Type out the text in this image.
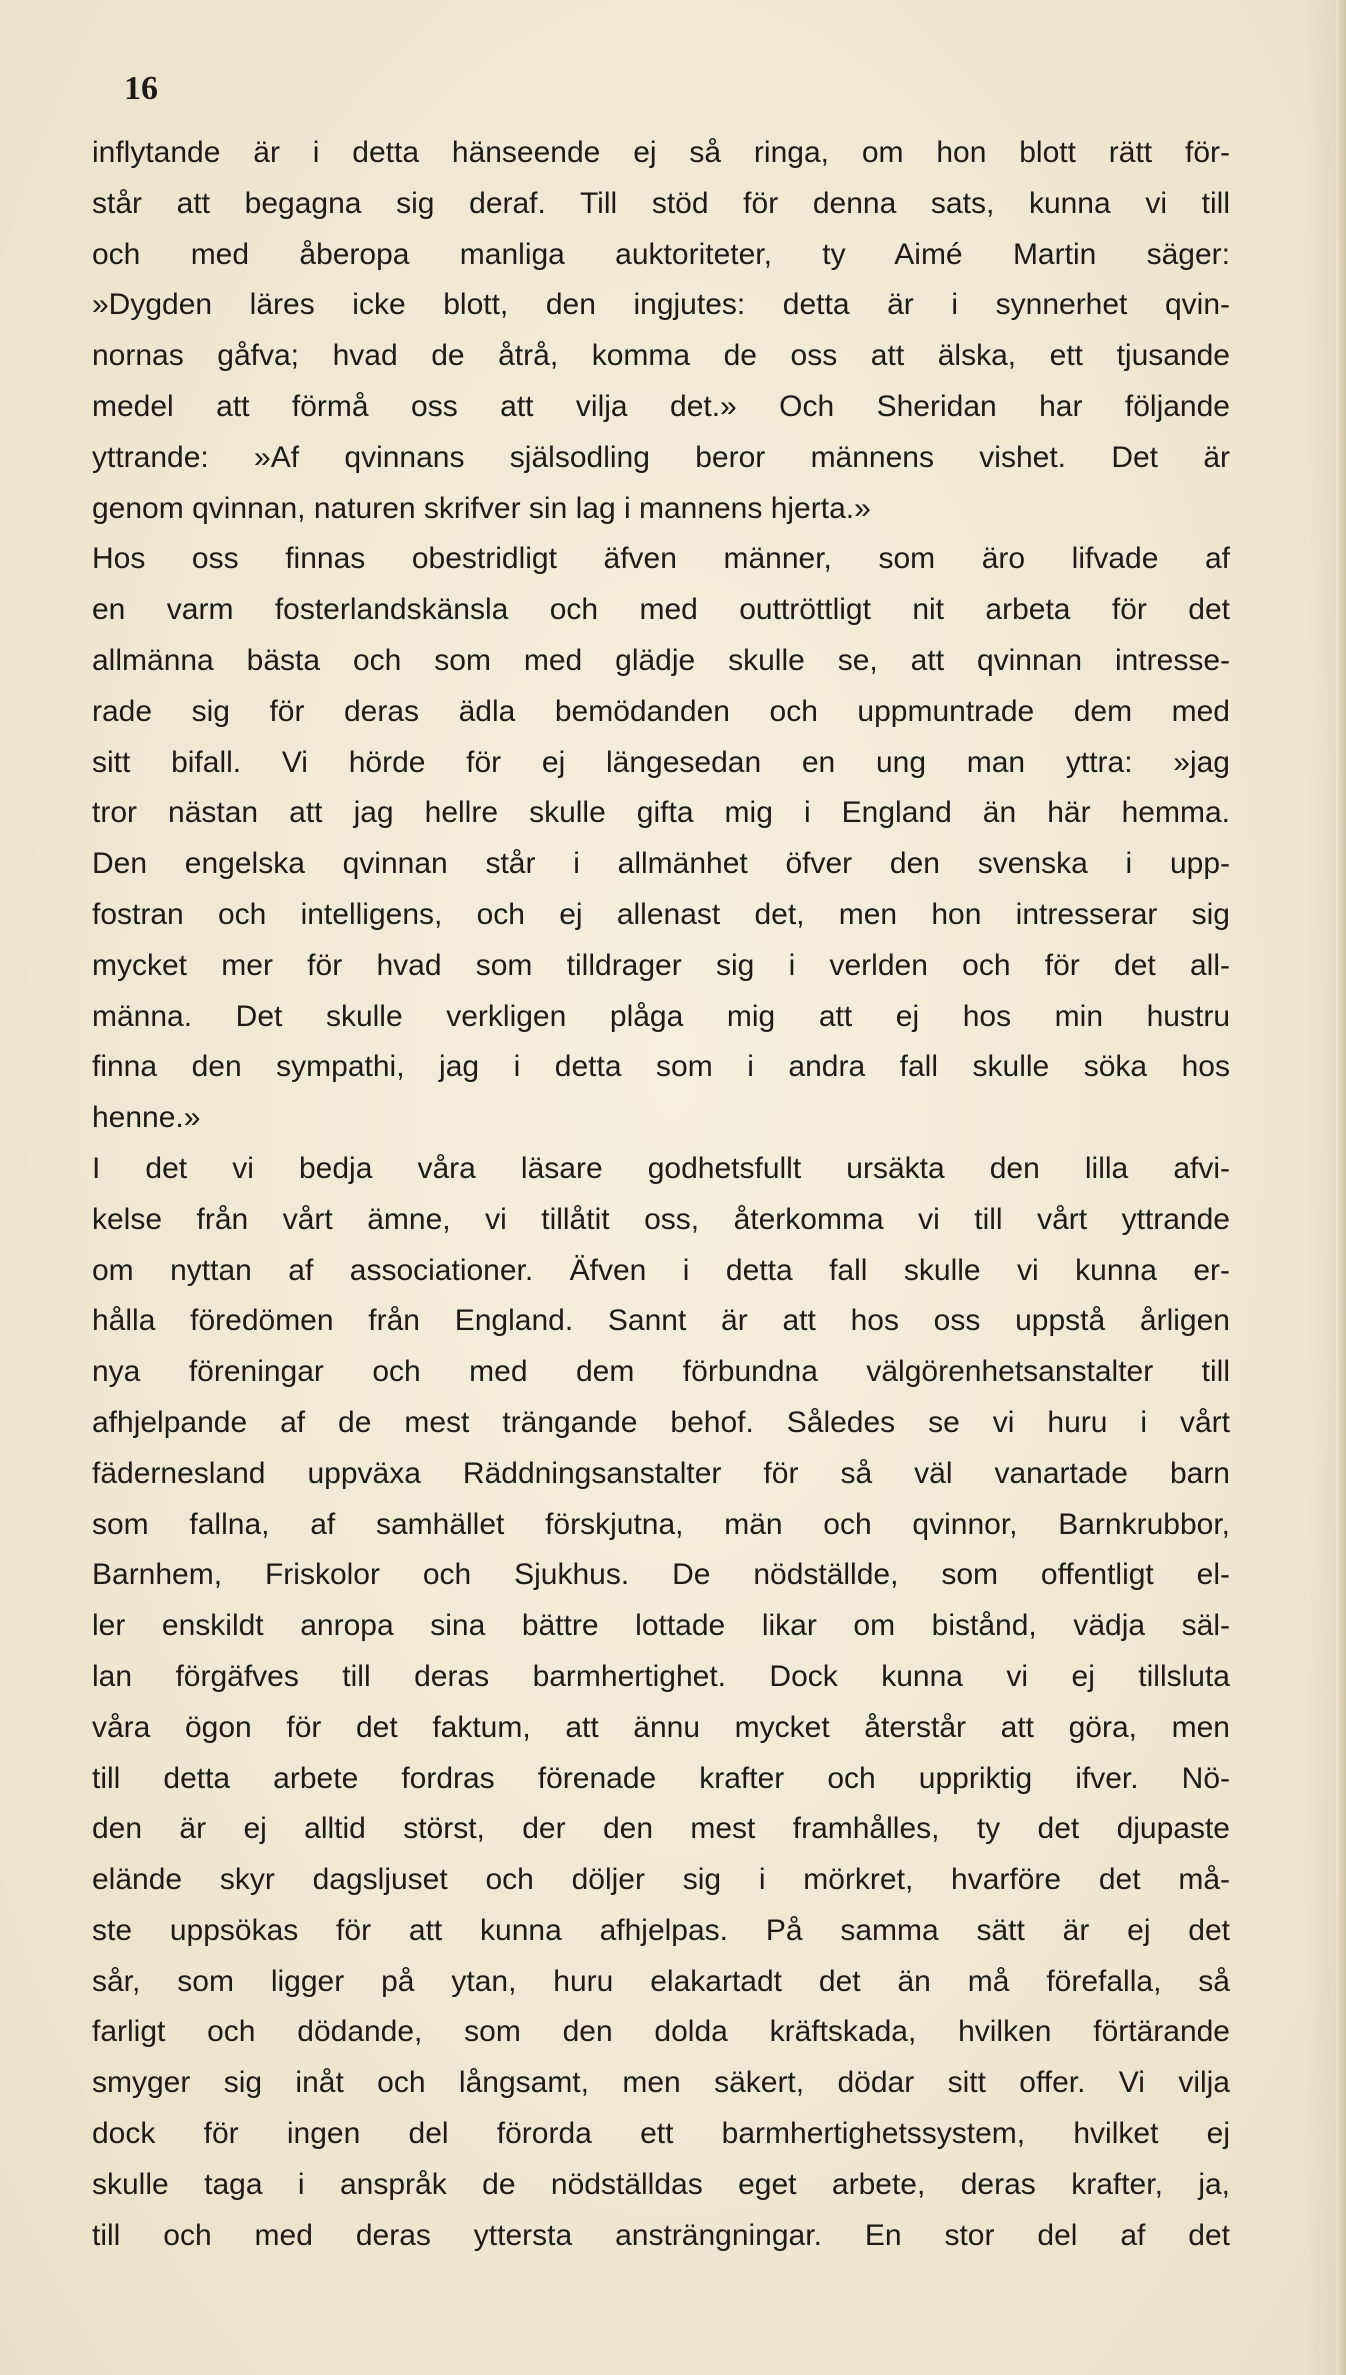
16
inflytande är i detta hänseende ej så ringa, om hon blott rätt för-
står att begagna sig deraf. Till stöd för denna sats, kunna vi till
och med åberopa manliga auktoriteter, ty Aimé Martin säger:
»Dygden läres icke blott, den ingjutes: detta är i synnerhet qvin-
nornas gåfva; hvad de åtrå, komma de oss att älska, ett tjusande
medel att förmå oss att vilja det.» Och Sheridan har följande
yttrande: »Af qvinnans själsodling beror männens vishet. Det är
genom qvinnan, naturen skrifver sin lag i mannens hjerta.»
Hos oss finnas obestridligt äfven männer, som äro lifvade af
en varm fosterlandskänsla och med outtröttligt nit arbeta för det
allmänna bästa och som med glädje skulle se, att qvinnan intresse-
rade sig för deras ädla bemödanden och uppmuntrade dem med
sitt bifall. Vi hörde för ej längesedan en ung man yttra: »jag
tror nästan att jag hellre skulle gifta mig i England än här hemma.
Den engelska qvinnan står i allmänhet öfver den svenska i upp-
fostran och intelligens, och ej allenast det, men hon intresserar sig
mycket mer för hvad som tilldrager sig i verlden och för det all-
männa. Det skulle verkligen plåga mig att ej hos min hustru
finna den sympathi, jag i detta som i andra fall skulle söka hos
henne.»
I det vi bedja våra läsare godhetsfullt ursäkta den lilla afvi-
kelse från vårt ämne, vi tillåtit oss, återkomma vi till vårt yttrande
om nyttan af associationer. Äfven i detta fall skulle vi kunna er-
hålla föredömen från England. Sannt är att hos oss uppstå årligen
nya föreningar och med dem förbundna välgörenhetsanstalter till
afhjelpande af de mest trängande behof. Således se vi huru i vårt
fädernesland uppväxa Räddningsanstalter för så väl vanartade barn
som fallna, af samhället förskjutna, män och qvinnor, Barnkrubbor,
Barnhem, Friskolor och Sjukhus. De nödställde, som offentligt el-
ler enskildt anropa sina bättre lottade likar om bistånd, vädja säl-
lan förgäfves till deras barmhertighet. Dock kunna vi ej tillsluta
våra ögon för det faktum, att ännu mycket återstår att göra, men
till detta arbete fordras förenade krafter och uppriktig ifver. Nö-
den är ej alltid störst, der den mest framhålles, ty det djupaste
elände skyr dagsljuset och döljer sig i mörkret, hvarföre det må-
ste uppsökas för att kunna afhjelpas. På samma sätt är ej det
sår, som ligger på ytan, huru elakartadt det än må förefalla, så
farligt och dödande, som den dolda kräftskada, hvilken förtärande
smyger sig inåt och långsamt, men säkert, dödar sitt offer. Vi vilja
dock för ingen del förorda ett barmhertighetssystem, hvilket ej
skulle taga i anspråk de nödställdas eget arbete, deras krafter, ja,
till och med deras yttersta ansträngningar. En stor del af det
